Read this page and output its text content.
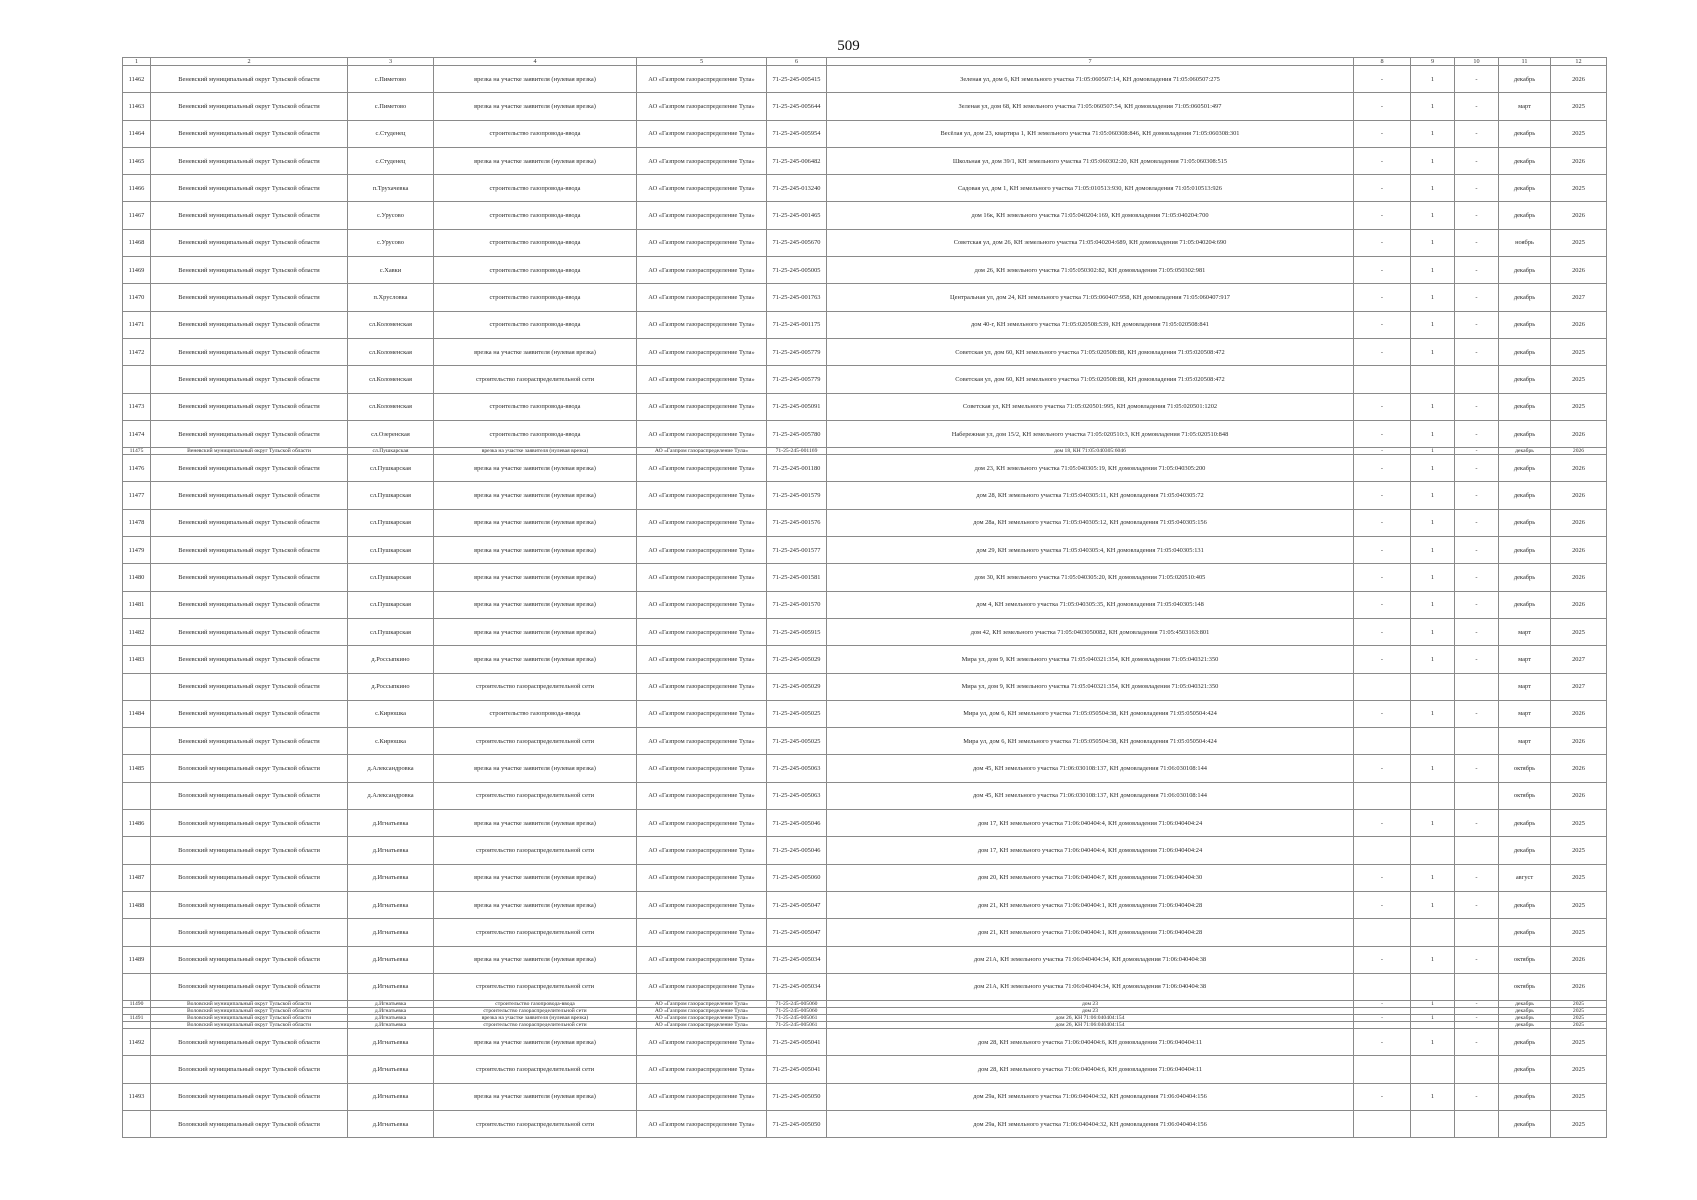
509
1	2	3	4	5	6	7	8	9	10	11	12
11462	Веневский муниципальный округ Тульской области	с.Пиметово	врезка на участке заявителя (нулевая врезка)	АО «Газпром газораспределение Тула»	71-25-245-005415	Зеленая ул, дом 6, КН земельного участка 71:05:060507:14, КН домовладения 71:05:060507:275	-	1	-	декабрь	2026
11463	Веневский муниципальный округ Тульской области	с.Пиметово	врезка на участке заявителя (нулевая врезка)	АО «Газпром газораспределение Тула»	71-25-245-005644	Зеленая ул, дом 68, КН земельного участка 71:05:060507:54, КН домовладения 71:05:060501:497	-	1	-	март	2025
11464	Веневский муниципальный округ Тульской области	с.Студенец	строительство газопровода-ввода	АО «Газпром газораспределение Тула»	71-25-245-005954	Весёлая ул, дом 23, квартира 1, КН земельного участка 71:05:060308:846, КН домовладения 71:05:060308:301	-	1	-	декабрь	2025
11465	Веневский муниципальный округ Тульской области	с.Студенец	врезка на участке заявителя (нулевая врезка)	АО «Газпром газораспределение Тула»	71-25-245-006482	Школьная ул, дом 39/1, КН земельного участка 71:05:060302:20, КН домовладения 71:05:060308:515	-	1	-	декабрь	2026
11466	Веневский муниципальный округ Тульской области	п.Трухачевка	строительство газопровода-ввода	АО «Газпром газораспределение Тула»	71-25-245-013240	Садовая ул, дом 1, КН земельного участка 71:05:010513:930, КН домовладения 71:05:010513:926	-	1	-	декабрь	2025
11467	Веневский муниципальный округ Тульской области	с.Урусово	строительство газопровода-ввода	АО «Газпром газораспределение Тула»	71-25-245-001465	дом 16к, КН земельного участка 71:05:040204:169, КН домовладения 71:05:040204:700	-	1	-	декабрь	2026
11468	Веневский муниципальный округ Тульской области	с.Урусово	строительство газопровода-ввода	АО «Газпром газораспределение Тула»	71-25-245-005670	Советская ул, дом 26, КН земельного участка 71:05:040204:689, КН домовладения 71:05:040204:690	-	1	-	ноябрь	2025
11469	Веневский муниципальный округ Тульской области	с.Хавки	строительство газопровода-ввода	АО «Газпром газораспределение Тула»	71-25-245-005005	дом 26, КН земельного участка 71:05:050302:82, КН домовладения 71:05:050302:981	-	1	-	декабрь	2026
11470	Веневский муниципальный округ Тульской области	п.Хрусловка	строительство газопровода-ввода	АО «Газпром газораспределение Тула»	71-25-245-001763	Центральная ул, дом 24, КН земельного участка 71:05:060407:958, КН домовладения 71:05:060407:917	-	1	-	декабрь	2027
11471	Веневский муниципальный округ Тульской области	сл.Коломенская	строительство газопровода-ввода	АО «Газпром газораспределение Тула»	71-25-245-001175	дом 40-г, КН земельного участка 71:05:020508:539, КН домовладения 71:05:020508:841	-	1	-	декабрь	2026
11472	Веневский муниципальный округ Тульской области	сл.Коломенская	врезка на участке заявителя (нулевая врезка)	АО «Газпром газораспределение Тула»	71-25-245-005779	Советская ул, дом 60, КН земельного участка 71:05:020508:88, КН домовладения 71:05:020508:472	-	1	-	декабрь	2025
	Веневский муниципальный округ Тульской области	сл.Коломенская	строительство газораспределительной сети	АО «Газпром газораспределение Тула»	71-25-245-005779	Советская ул, дом 60, КН земельного участка 71:05:020508:88, КН домовладения 71:05:020508:472				декабрь	2025
11473	Веневский муниципальный округ Тульской области	сл.Коломенская	строительство газопровода-ввода	АО «Газпром газораспределение Тула»	71-25-245-005091	Советская ул, КН земельного участка 71:05:020501:995, КН домовладения 71:05:020501:1202	-	1	-	декабрь	2025
11474	Веневский муниципальный округ Тульской области	сл.Озеренская	строительство газопровода-ввода	АО «Газпром газораспределение Тула»	71-25-245-005780	Набережная ул, дом 15/2, КН земельного участка 71:05:020510:3, КН домовладения 71:05:020510:848	-	1	-	декабрь	2026
11475	Веневский муниципальный округ Тульской области	сл.Пушкарская	врезка на участке заявителя (нулевая врезка)	АО «Газпром газораспределение Тула»	71-25-245-001169	дом 18, КН 71:05:040305:6046	-	1	-	декабрь	2026
11476	Веневский муниципальный округ Тульской области	сл.Пушкарская	врезка на участке заявителя (нулевая врезка)	АО «Газпром газораспределение Тула»	71-25-245-001180	дом 23, КН земельного участка 71:05:040305:19, КН домовладения 71:05:040305:200	-	1	-	декабрь	2026
11477	Веневский муниципальный округ Тульской области	сл.Пушкарская	врезка на участке заявителя (нулевая врезка)	АО «Газпром газораспределение Тула»	71-25-245-001579	дом 28, КН земельного участка 71:05:040305:11, КН домовладения 71:05:040305:72	-	1	-	декабрь	2026
11478	Веневский муниципальный округ Тульской области	сл.Пушкарская	врезка на участке заявителя (нулевая врезка)	АО «Газпром газораспределение Тула»	71-25-245-001576	дом 28а, КН земельного участка 71:05:040305:12, КН домовладения 71:05:040305:156	-	1	-	декабрь	2026
11479	Веневский муниципальный округ Тульской области	сл.Пушкарская	врезка на участке заявителя (нулевая врезка)	АО «Газпром газораспределение Тула»	71-25-245-001577	дом 29, КН земельного участка 71:05:040305:4, КН домовладения 71:05:040305:131	-	1	-	декабрь	2026
11480	Веневский муниципальный округ Тульской области	сл.Пушкарская	врезка на участке заявителя (нулевая врезка)	АО «Газпром газораспределение Тула»	71-25-245-001581	дом 30, КН земельного участка 71:05:040305:20, КН домовладения 71:05:020510:405	-	1	-	декабрь	2026
11481	Веневский муниципальный округ Тульской области	сл.Пушкарская	врезка на участке заявителя (нулевая врезка)	АО «Газпром газораспределение Тула»	71-25-245-001570	дом 4, КН земельного участка 71:05:040305:35, КН домовладения 71:05:040305:148	-	1	-	декабрь	2026
11482	Веневский муниципальный округ Тульской области	сл.Пушкарская	врезка на участке заявителя (нулевая врезка)	АО «Газпром газораспределение Тула»	71-25-245-005915	дом 42, КН земельного участка 71:05:0403050082, КН домовладения 71:05:450316З:801	-	1	-	март	2025
11483	Веневский муниципальный округ Тульской области	д.Россыпкино	врезка на участке заявителя (нулевая врезка)	АО «Газпром газораспределение Тула»	71-25-245-005029	Мира ул, дом 9, КН земельного участка 71:05:040321:354, КН домовладения 71:05:040321:350	-	1	-	март	2027
	Веневский муниципальный округ Тульской области	д.Россыпкино	строительство газораспределительной сети	АО «Газпром газораспределение Тула»	71-25-245-005029	Мира ул, дом 9, КН земельного участка 71:05:040321:354, КН домовладения 71:05:040321:350				март	2027
11484	Веневский муниципальный округ Тульской области	с.Кирюшка	строительство газопровода-ввода	АО «Газпром газораспределение Тула»	71-25-245-005025	Мира ул, дом 6, КН земельного участка 71:05:050504:38, КН домовладения 71:05:050504:424	-	1	-	март	2026
	Веневский муниципальный округ Тульской области	с.Кирюшка	строительство газораспределительной сети	АО «Газпром газораспределение Тула»	71-25-245-005025	Мира ул, дом 6, КН земельного участка 71:05:050504:38, КН домовладения 71:05:050504:424				март	2026
11485	Воловский муниципальный округ Тульской области	д.Александровка	врезка на участке заявителя (нулевая врезка)	АО «Газпром газораспределение Тула»	71-25-245-005063	дом 45, КН земельного участка 71:06:030108:137, КН домовладения 71:06:030108:144	-	1	-	октябрь	2026
	Воловский муниципальный округ Тульской области	д.Александровка	строительство газораспределительной сети	АО «Газпром газораспределение Тула»	71-25-245-005063	дом 45, КН земельного участка 71:06:030108:137, КН домовладения 71:06:030108:144				октябрь	2026
11486	Воловский муниципальный округ Тульской области	д.Игнатьевка	врезка на участке заявителя (нулевая врезка)	АО «Газпром газораспределение Тула»	71-25-245-005046	дом 17, КН земельного участка 71:06:040404:4, КН домовладения 71:06:040404:24	-	1	-	декабрь	2025
	Воловский муниципальный округ Тульской области	д.Игнатьевка	строительство газораспределительной сети	АО «Газпром газораспределение Тула»	71-25-245-005046	дом 17, КН земельного участка 71:06:040404:4, КН домовладения 71:06:040404:24				декабрь	2025
11487	Воловский муниципальный округ Тульской области	д.Игнатьевка	врезка на участке заявителя (нулевая врезка)	АО «Газпром газораспределение Тула»	71-25-245-005060	дом 20, КН земельного участка 71:06:040404:7, КН домовладения 71:06:040404:30	-	1	-	август	2025
11488	Воловский муниципальный округ Тульской области	д.Игнатьевка	врезка на участке заявителя (нулевая врезка)	АО «Газпром газораспределение Тула»	71-25-245-005047	дом 21, КН земельного участка 71:06:040404:1, КН домовладения 71:06:040404:28	-	1	-	декабрь	2025
	Воловский муниципальный округ Тульской области	д.Игнатьевка	строительство газораспределительной сети	АО «Газпром газораспределение Тула»	71-25-245-005047	дом 21, КН земельного участка 71:06:040404:1, КН домовладения 71:06:040404:28				декабрь	2025
11489	Воловский муниципальный округ Тульской области	д.Игнатьевка	врезка на участке заявителя (нулевая врезка)	АО «Газпром газораспределение Тула»	71-25-245-005034	дом 21А, КН земельного участка 71:06:040404:34, КН домовладения 71:06:040404:38	-	1	-	октябрь	2026
	Воловский муниципальный округ Тульской области	д.Игнатьевка	строительство газораспределительной сети	АО «Газпром газораспределение Тула»	71-25-245-005034	дом 21А, КН земельного участка 71:06:040404:34, КН домовладения 71:06:040404:38				октябрь	2026
11490	Воловский муниципальный округ Тульской области	д.Игнатьевка	строительство газопровода-ввода	АО «Газпром газораспределение Тула»	71-25-245-005060	дом 23	-	1	-	декабрь	2025
	Воловский муниципальный округ Тульской области	д.Игнатьевка	строительство газораспределительной сети	АО «Газпром газораспределение Тула»	71-25-245-005060	дом 23				декабрь	2025
11491	Воловский муниципальный округ Тульской области	д.Игнатьевка	врезка на участке заявителя (нулевая врезка)	АО «Газпром газораспределение Тула»	71-25-245-005061	дом 26, КН 71:06:040404:154	-	1	-	декабрь	2025
	Воловский муниципальный округ Тульской области	д.Игнатьевка	строительство газораспределительной сети	АО «Газпром газораспределение Тула»	71-25-245-005061	дом 26, КН 71:06:040404:154				декабрь	2025
11492	Воловский муниципальный округ Тульской области	д.Игнатьевка	врезка на участке заявителя (нулевая врезка)	АО «Газпром газораспределение Тула»	71-25-245-005041	дом 28, КН земельного участка 71:06:040404:6, КН домовладения 71:06:040404:11	-	1	-	декабрь	2025
	Воловский муниципальный округ Тульской области	д.Игнатьевка	строительство газораспределительной сети	АО «Газпром газораспределение Тула»	71-25-245-005041	дом 28, КН земельного участка 71:06:040404:6, КН домовладения 71:06:040404:11				декабрь	2025
11493	Воловский муниципальный округ Тульской области	д.Игнатьевка	врезка на участке заявителя (нулевая врезка)	АО «Газпром газораспределение Тула»	71-25-245-005050	дом 29а, КН земельного участка 71:06:040404:32, КН домовладения 71:06:040404:156	-	1	-	декабрь	2025
	Воловский муниципальный округ Тульской области	д.Игнатьевка	строительство газораспределительной сети	АО «Газпром газораспределение Тула»	71-25-245-005050	дом 29а, КН земельного участка 71:06:040404:32, КН домовладения 71:06:040404:156				декабрь	2025
